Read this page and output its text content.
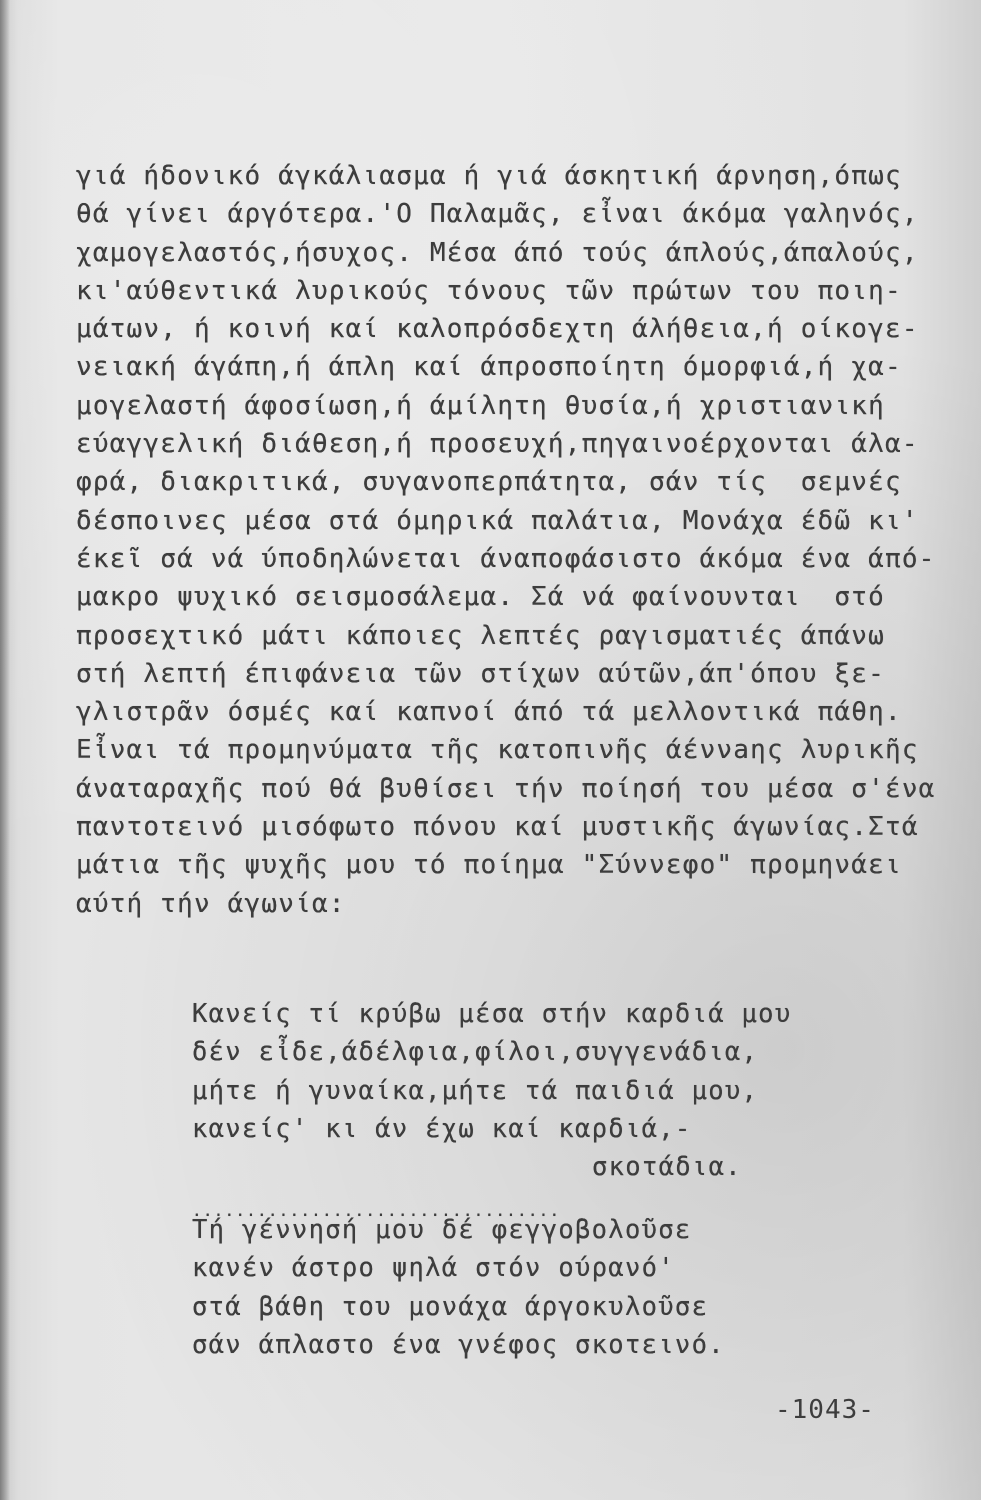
γιά ήδονικό άγκάλιασμα ή γιά άσκητική άρνηση,όπως
θά γίνει άργότερα.'Ο Παλαμᾶς, εἶναι άκόμα γαληνός,
χαμογελαστός,ήσυχος. Μέσα άπό τούς άπλούς,άπαλούς,
κι'αύθεντικά λυρικούς τόνους τῶν πρώτων του ποιη-
μάτων, ή κοινή καί καλοπρόσδεχτη άλήθεια,ή οίκογε-
νειακή άγάπη,ή άπλη καί άπροσποίητη όμορφιά,ή χα-
μογελαστή άφοσίωση,ή άμίλητη θυσία,ή χριστιανική
εύαγγελική διάθεση,ή προσευχή,πηγαινοέρχονται άλα-
φρά, διακριτικά, συγανοπερπάτητα, σάν τίς  σεμνές
δέσποινες μέσα στά όμηρικά παλάτια, Μονάχα έδῶ κι'
έκεῖ σά νά ύποδηλώνεται άναποφάσιστο άκόμα ένα άπό-
μακρο ψυχικό σεισμοσάλεμα. Σά νά φαίνουνται  στό
προσεχτικό μάτι κάποιες λεπτές ραγισματιές άπάνω
στή λεπτή έπιφάνεια τῶν στίχων αύτῶν,άπ'όπου ξε-
γλιστρᾶν όσμές καί καπνοί άπό τά μελλοντικά πάθη.
Εἶναι τά προμηνύματα τῆς κατοπινῆς άέννaης λυρικῆς
άναταραχῆς πού θά βυθίσει τήν ποίησή του μέσα σ'ένα
παντοτεινό μισόφωτο πόνου καί μυστικῆς άγωνίας.Στά
μάτια τῆς ψυχῆς μου τό ποίημα "Σύννεφο" προμηνάει
αύτή τήν άγωνία:
Κανείς τί κρύβω μέσα στήν καρδιά μου
δέν εἶδε,άδέλφια,φίλοι,συγγενάδια,
μήτε ή γυναίκα,μήτε τά παιδιά μου,
κανείς' κι άν έχω καί καρδιά,-
σκοτάδια.
..................................
Τή γέννησή μου δέ φεγγοβολοῦσε
κανέν άστρο ψηλά στόν ούρανό'
στά βάθη του μονάχα άργοκυλοῦσε
σάν άπλαστο ένα γνέφος σκοτεινό.
-1043-
